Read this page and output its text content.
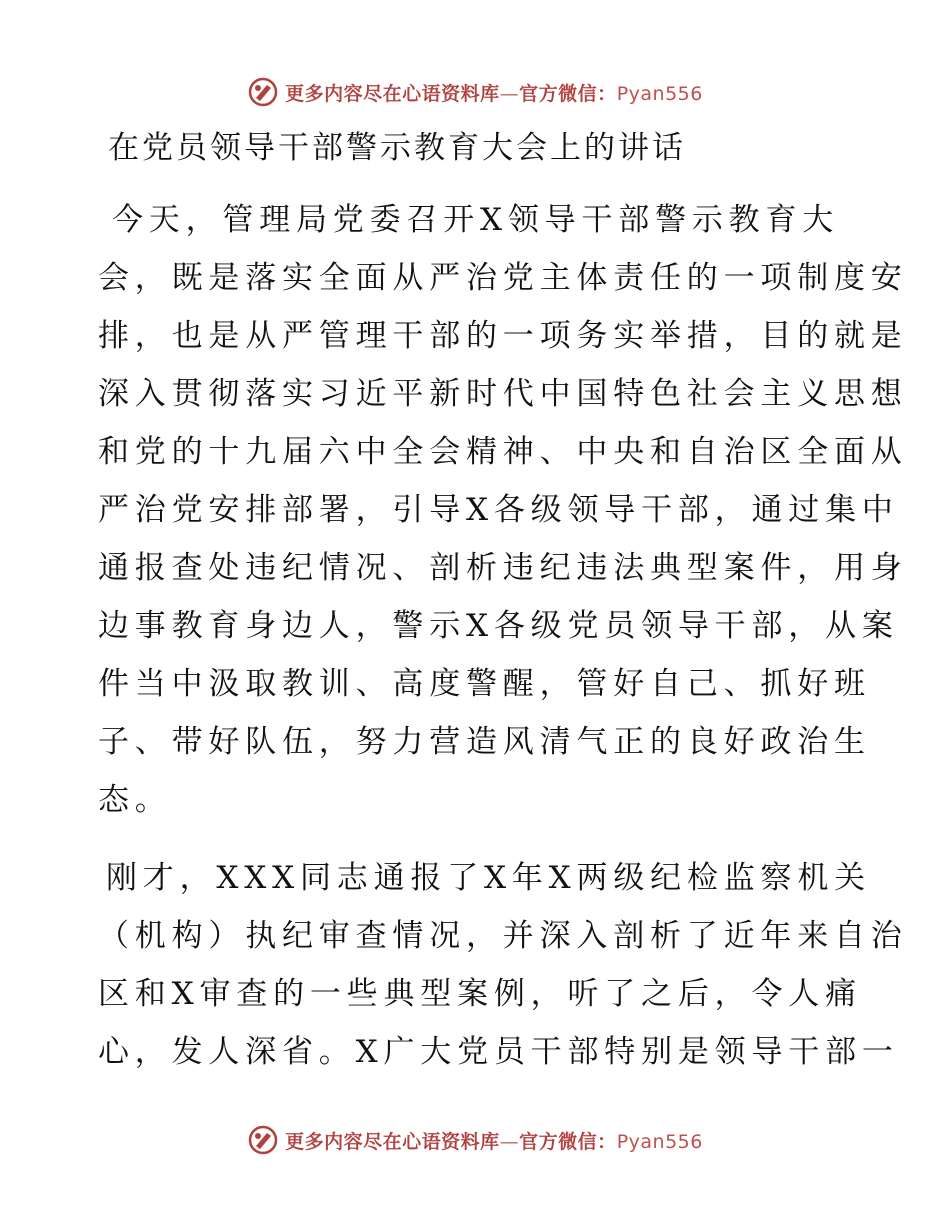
更多内容尽在心语资料库—官方微信：Pyan556
在党员领导干部警示教育大会上的讲话
今天，管理局党委召开X领导干部警示教育大
会，既是落实全面从严治党主体责任的一项制度安
排，也是从严管理干部的一项务实举措，目的就是
深入贯彻落实习近平新时代中国特色社会主义思想
和党的十九届六中全会精神、中央和自治区全面从
严治党安排部署，引导X各级领导干部，通过集中
通报查处违纪情况、剖析违纪违法典型案件，用身
边事教育身边人，警示X各级党员领导干部，从案
件当中汲取教训、高度警醒，管好自己、抓好班
子、带好队伍，努力营造风清气正的良好政治生
态。
刚才，XXX同志通报了X年X两级纪检监察机关
（机构）执纪审查情况，并深入剖析了近年来自治
区和X审查的一些典型案例，听了之后，令人痛
心，发人深省。X广大党员干部特别是领导干部一
更多内容尽在心语资料库—官方微信：Pyan556
